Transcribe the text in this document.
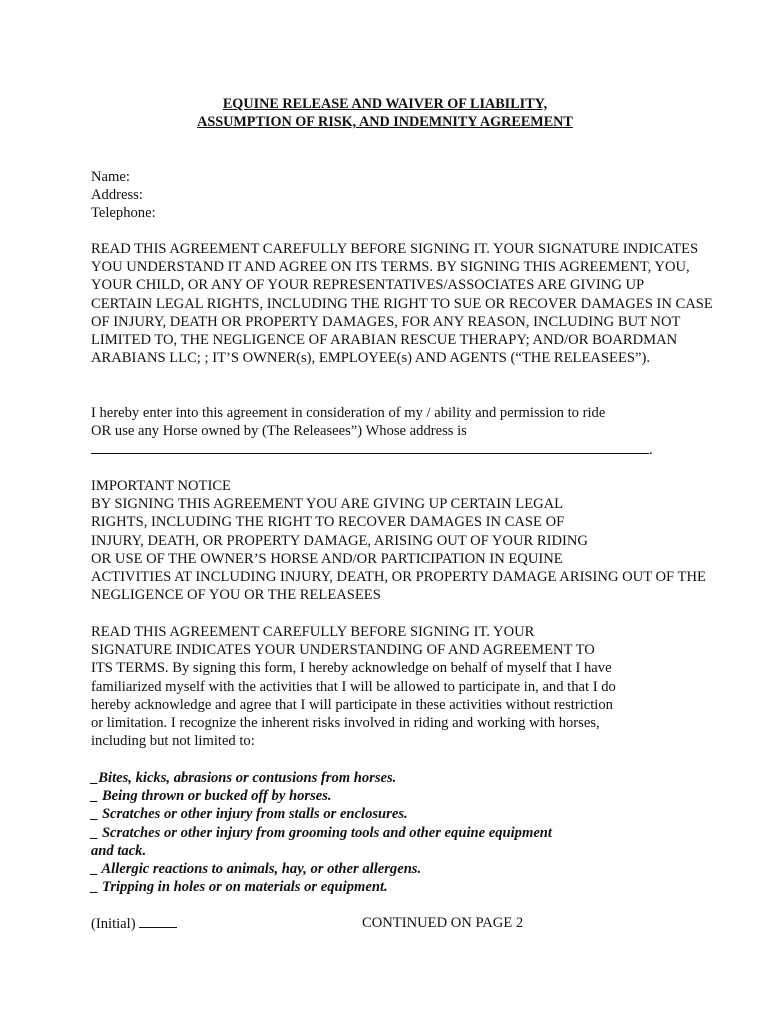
EQUINE RELEASE AND WAIVER OF LIABILITY,
ASSUMPTION OF RISK, AND INDEMNITY AGREEMENT
Name:
Address:
Telephone:
READ THIS AGREEMENT CAREFULLY BEFORE SIGNING IT. YOUR SIGNATURE INDICATES
YOU UNDERSTAND IT AND AGREE ON ITS TERMS. BY SIGNING THIS AGREEMENT, YOU,
YOUR CHILD, OR ANY OF YOUR REPRESENTATIVES/ASSOCIATES ARE GIVING UP
CERTAIN LEGAL RIGHTS, INCLUDING THE RIGHT TO SUE OR RECOVER DAMAGES IN CASE
OF INJURY, DEATH OR PROPERTY DAMAGES, FOR ANY REASON, INCLUDING BUT NOT
LIMITED TO, THE NEGLIGENCE OF ARABIAN RESCUE THERAPY; AND/OR BOARDMAN
ARABIANS LLC; ; IT’S OWNER(s), EMPLOYEE(s) AND AGENTS (“THE RELEASEES”).
I hereby enter into this agreement in consideration of my / ability and permission to ride
OR use any Horse owned by (The Releasees”) Whose address is
.
IMPORTANT NOTICE
BY SIGNING THIS AGREEMENT YOU ARE GIVING UP CERTAIN LEGAL
RIGHTS, INCLUDING THE RIGHT TO RECOVER DAMAGES IN CASE OF
INJURY, DEATH, OR PROPERTY DAMAGE, ARISING OUT OF YOUR RIDING
OR USE OF THE OWNER’S HORSE AND/OR PARTICIPATION IN EQUINE
ACTIVITIES AT INCLUDING INJURY, DEATH, OR PROPERTY DAMAGE ARISING OUT OF THE
NEGLIGENCE OF YOU OR THE RELEASEES
READ THIS AGREEMENT CAREFULLY BEFORE SIGNING IT. YOUR
SIGNATURE INDICATES YOUR UNDERSTANDING OF AND AGREEMENT TO
ITS TERMS. By signing this form, I hereby acknowledge on behalf of myself that I have
familiarized myself with the activities that I will be allowed to participate in, and that I do
hereby acknowledge and agree that I will participate in these activities without restriction
or limitation. I recognize the inherent risks involved in riding and working with horses,
including but not limited to:
_Bites, kicks, abrasions or contusions from horses.
_ Being thrown or bucked off by horses.
_ Scratches or other injury from stalls or enclosures.
_ Scratches or other injury from grooming tools and other equine equipment
and tack.
_ Allergic reactions to animals, hay, or other allergens.
_ Tripping in holes or on materials or equipment.
(Initial)	CONTINUED ON PAGE 2
